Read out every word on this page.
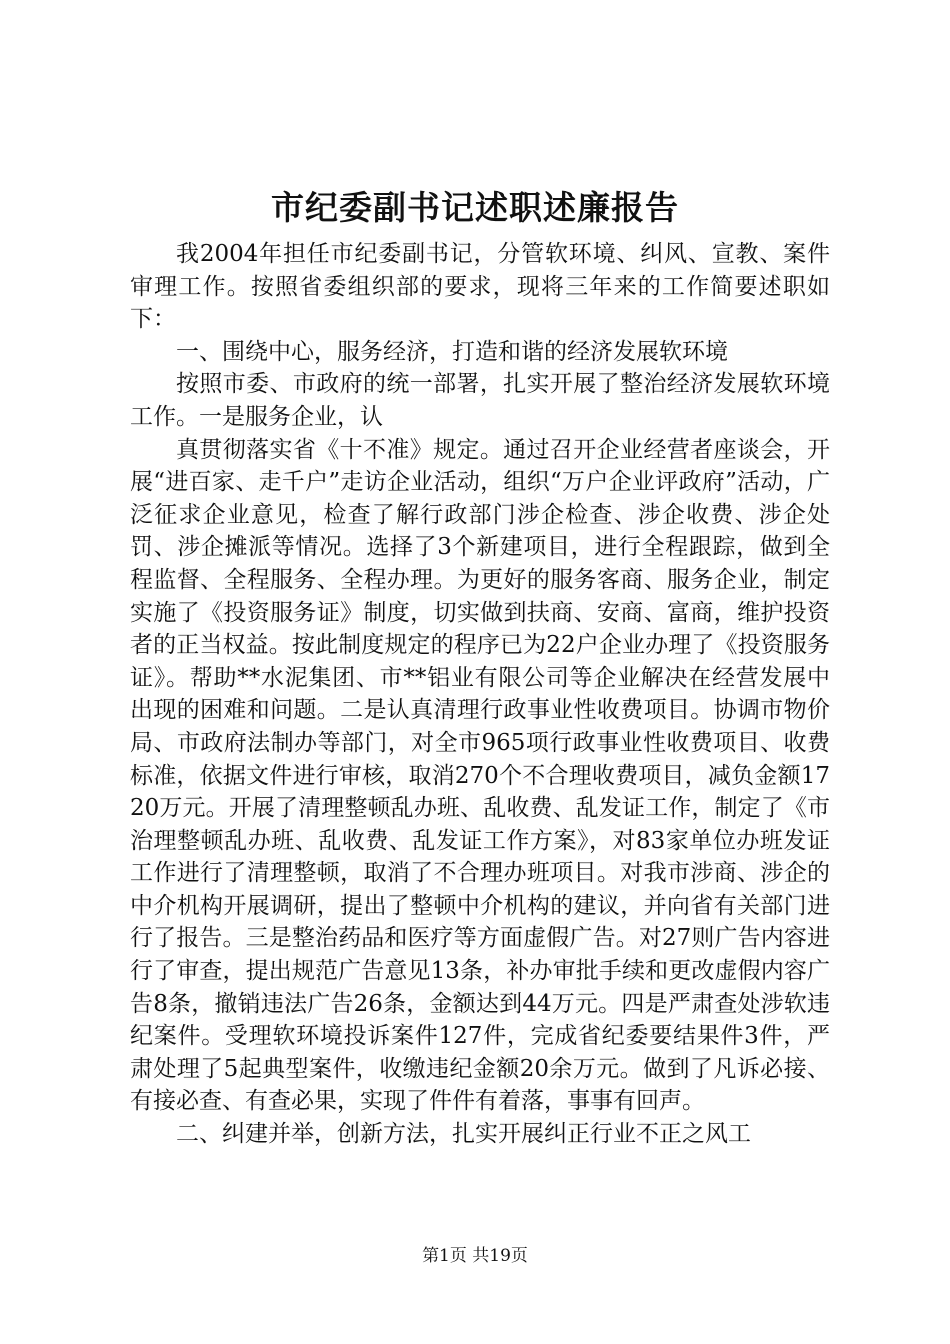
市纪委副书记述职述廉报告

我2004年担任市纪委副书记，分管软环境、纠风、宣教、案件审理工作。按照省委组织部的要求，现将三年来的工作简要述职如下：

一、围绕中心，服务经济，打造和谐的经济发展软环境

按照市委、市政府的统一部署，扎实开展了整治经济发展软环境工作。一是服务企业，认

真贯彻落实省《十不准》规定。通过召开企业经营者座谈会，开展“进百家、走千户”走访企业活动，组织“万户企业评政府”活动，广泛征求企业意见，检查了解行政部门涉企检查、涉企收费、涉企处罚、涉企摊派等情况。选择了3个新建项目，进行全程跟踪，做到全程监督、全程服务、全程办理。为更好的服务客商、服务企业，制定实施了《投资服务证》制度，切实做到扶商、安商、富商，维护投资者的正当权益。按此制度规定的程序已为22户企业办理了《投资服务证》。帮助**水泥集团、市**铝业有限公司等企业解决在经营发展中出现的困难和问题。二是认真清理行政事业性收费项目。协调市物价局、市政府法制办等部门，对全市965项行政事业性收费项目、收费标准，依据文件进行审核，取消270个不合理收费项目，减负金额1720万元。开展了清理整顿乱办班、乱收费、乱发证工作，制定了《市治理整顿乱办班、乱收费、乱发证工作方案》，对83家单位办班发证工作进行了清理整顿，取消了不合理办班项目。对我市涉商、涉企的中介机构开展调研，提出了整顿中介机构的建议，并向省有关部门进行了报告。三是整治药品和医疗等方面虚假广告。对27则广告内容进行了审查，提出规范广告意见13条，补办审批手续和更改虚假内容广告8条，撤销违法广告26条，金额达到44万元。四是严肃查处涉软违纪案件。受理软环境投诉案件127件，完成省纪委要结果件3件，严肃处理了5起典型案件，收缴违纪金额20余万元。做到了凡诉必接、有接必查、有查必果，实现了件件有着落，事事有回声。

二、纠建并举，创新方法，扎实开展纠正行业不正之风工

第1页 共19页
